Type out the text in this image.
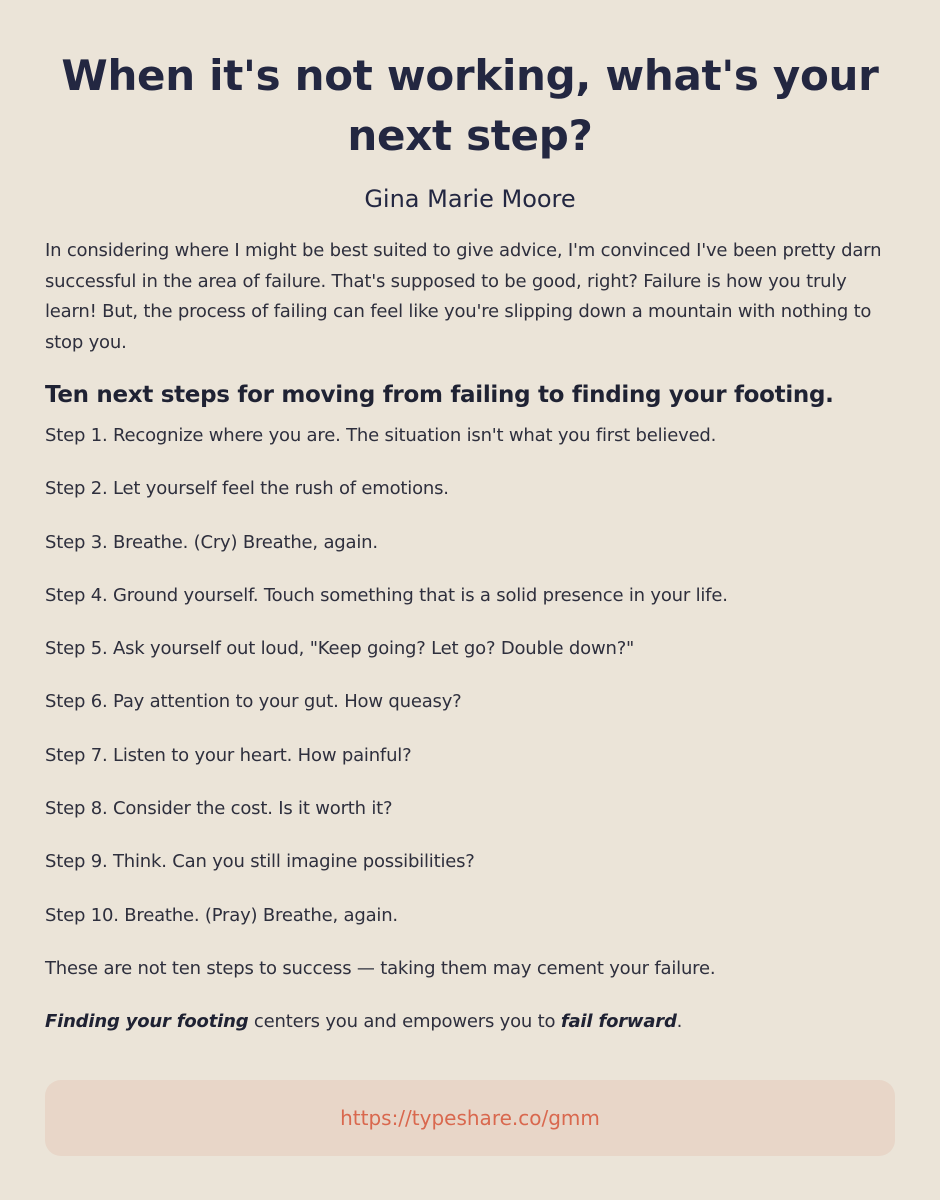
When it's not working, what's your next step?
Gina Marie Moore

In considering where I might be best suited to give advice, I'm convinced I've been pretty darn successful in the area of failure. That's supposed to be good, right? Failure is how you truly learn! But, the process of failing can feel like you're slipping down a mountain with nothing to stop you.

Ten next steps for moving from failing to finding your footing.
Step 1. Recognize where you are. The situation isn't what you first believed.
Step 2. Let yourself feel the rush of emotions.
Step 3. Breathe. (Cry) Breathe, again.
Step 4. Ground yourself. Touch something that is a solid presence in your life.
Step 5. Ask yourself out loud, "Keep going? Let go? Double down?"
Step 6. Pay attention to your gut. How queasy?
Step 7. Listen to your heart. How painful?
Step 8. Consider the cost. Is it worth it?
Step 9. Think. Can you still imagine possibilities?
Step 10. Breathe. (Pray) Breathe, again.

These are not ten steps to success — taking them may cement your failure.

Finding your footing centers you and empowers you to fail forward.

https://typeshare.co/gmm
